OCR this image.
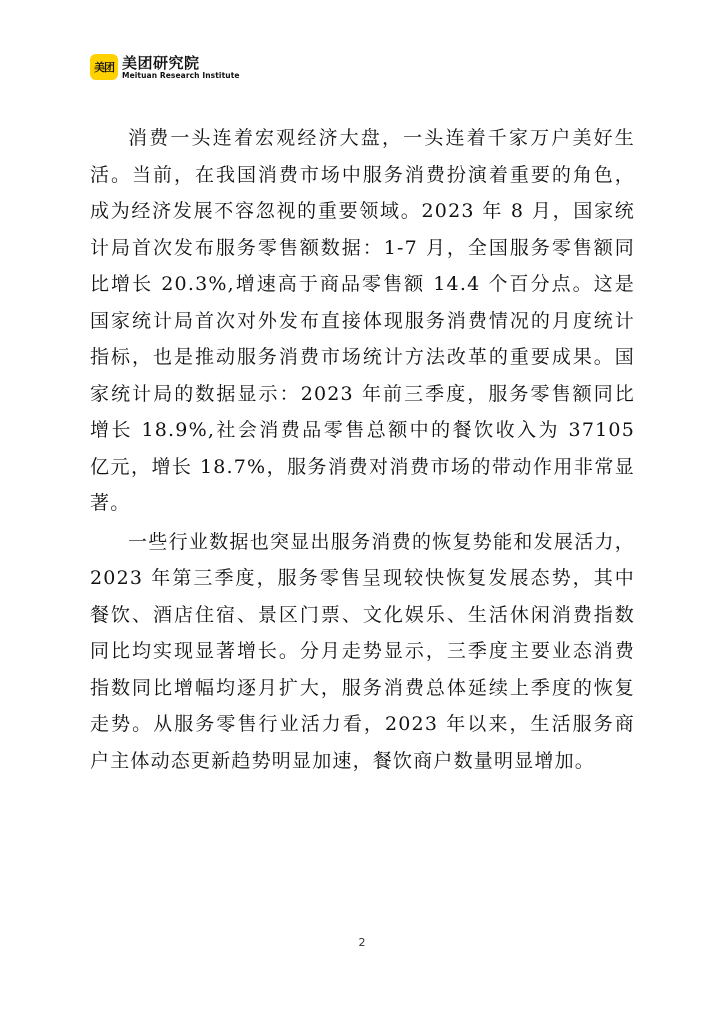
美团 美团研究院
Meituan Research Institute

消费一头连着宏观经济大盘，一头连着千家万户美好生活。当前，在我国消费市场中服务消费扮演着重要的角色，成为经济发展不容忽视的重要领域。2023 年 8 月，国家统计局首次发布服务零售额数据：1-7 月，全国服务零售额同比增长 20.3%,增速高于商品零售额 14.4 个百分点。这是国家统计局首次对外发布直接体现服务消费情况的月度统计指标，也是推动服务消费市场统计方法改革的重要成果。国家统计局的数据显示：2023 年前三季度，服务零售额同比增长 18.9%,社会消费品零售总额中的餐饮收入为 37105 亿元，增长 18.7%，服务消费对消费市场的带动作用非常显著。

一些行业数据也突显出服务消费的恢复势能和发展活力，2023 年第三季度，服务零售呈现较快恢复发展态势，其中餐饮、酒店住宿、景区门票、文化娱乐、生活休闲消费指数同比均实现显著增长。分月走势显示，三季度主要业态消费指数同比增幅均逐月扩大，服务消费总体延续上季度的恢复走势。从服务零售行业活力看，2023 年以来，生活服务商户主体动态更新趋势明显加速，餐饮商户数量明显增加。

2
